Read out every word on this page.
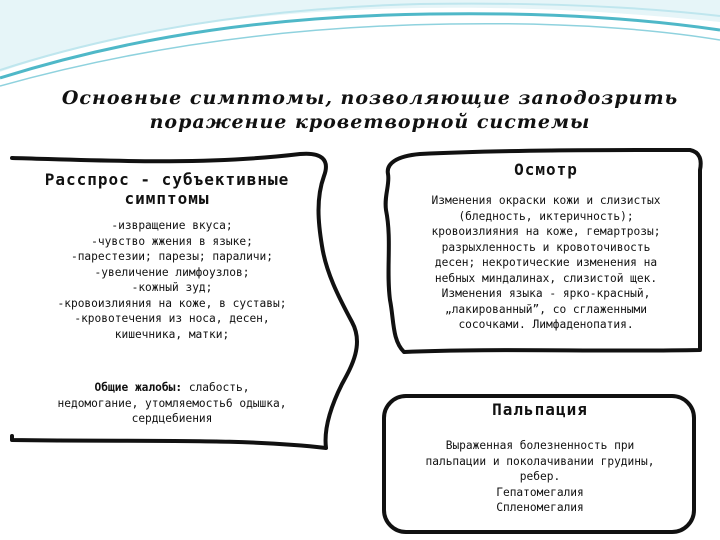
Основные симптомы, позволяющие заподозрить
поражение кроветворной системы
Расспрос - субъективные
симптомы
-извращение вкуса;
-чувство жжения в языке;
-парестезии; парезы; параличи;
-увеличение лимфоузлов;
-кожный зуд;
-кровоизлияния на коже, в суставы;
-кровотечения из носа, десен,
кишечника, матки;
Общие жалобы: слабость,
недомогание, утомляемость6 одышка,
сердцебиения
Осмотр
Изменения окраски кожи и слизистых
(бледность, иктеричность);
кровоизлияния на коже, гемартрозы;
разрыхленность и кровоточивость
десен; некротические изменения на
небных миндалинах, слизистой щек.
Изменения языка - ярко-красный,
„лакированный”, со сглаженными
сосочками. Лимфаденопатия.
Пальпация
Выраженная болезненность при
пальпации и поколачивании грудины,
ребер.
Гепатомегалия
Спленомегалия
